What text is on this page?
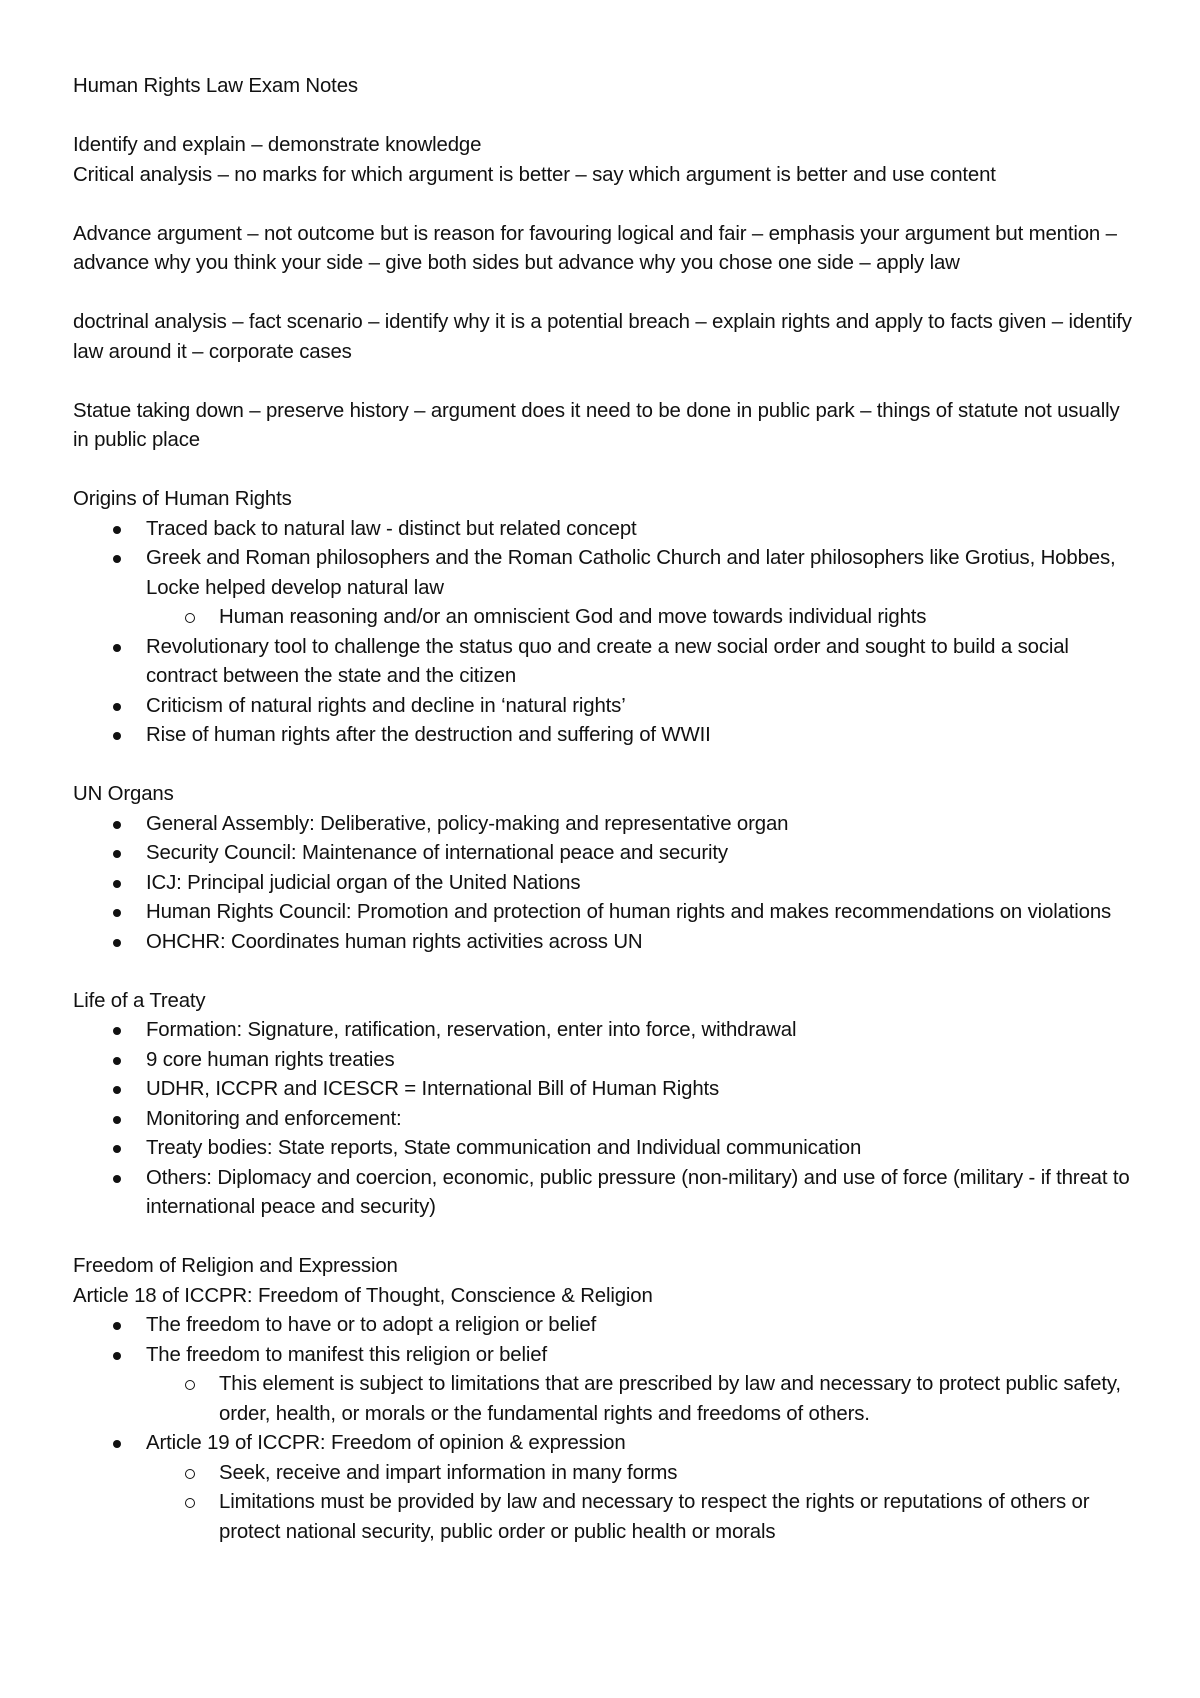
Human Rights Law Exam Notes

Identify and explain – demonstrate knowledge

Critical analysis – no marks for which argument is better – say which argument is better and use content

Advance argument – not outcome but is reason for favouring logical and fair – emphasis your argument but mention – advance why you think your side – give both sides but advance why you chose one side – apply law

doctrinal analysis – fact scenario – identify why it is a potential breach – explain rights and apply to facts given – identify law around it – corporate cases

Statue taking down – preserve history – argument does it need to be done in public park – things of statute not usually in public place

Origins of Human Rights

Traced back to natural law - distinct but related concept
Greek and Roman philosophers and the Roman Catholic Church and later philosophers like Grotius, Hobbes, Locke helped develop natural law
Human reasoning and/or an omniscient God and move towards individual rights
Revolutionary tool to challenge the status quo and create a new social order and sought to build a social contract between the state and the citizen
Criticism of natural rights and decline in ‘natural rights’
Rise of human rights after the destruction and suffering of WWII

UN Organs

General Assembly: Deliberative, policy-making and representative organ
Security Council: Maintenance of international peace and security
ICJ: Principal judicial organ of the United Nations
Human Rights Council: Promotion and protection of human rights and makes recommendations on violations
OHCHR: Coordinates human rights activities across UN

Life of a Treaty

Formation: Signature, ratification, reservation, enter into force, withdrawal
9 core human rights treaties
UDHR, ICCPR and ICESCR = International Bill of Human Rights
Monitoring and enforcement:
Treaty bodies: State reports, State communication and Individual communication
Others: Diplomacy and coercion, economic, public pressure (non-military) and use of force (military - if threat to international peace and security)

Freedom of Religion and Expression

Article 18 of ICCPR: Freedom of Thought, Conscience & Religion

The freedom to have or to adopt a religion or belief
The freedom to manifest this religion or belief
This element is subject to limitations that are prescribed by law and necessary to protect public safety, order, health, or morals or the fundamental rights and freedoms of others.
Article 19 of ICCPR: Freedom of opinion & expression
Seek, receive and impart information in many forms
Limitations must be provided by law and necessary to respect the rights or reputations of others or protect national security, public order or public health or morals
